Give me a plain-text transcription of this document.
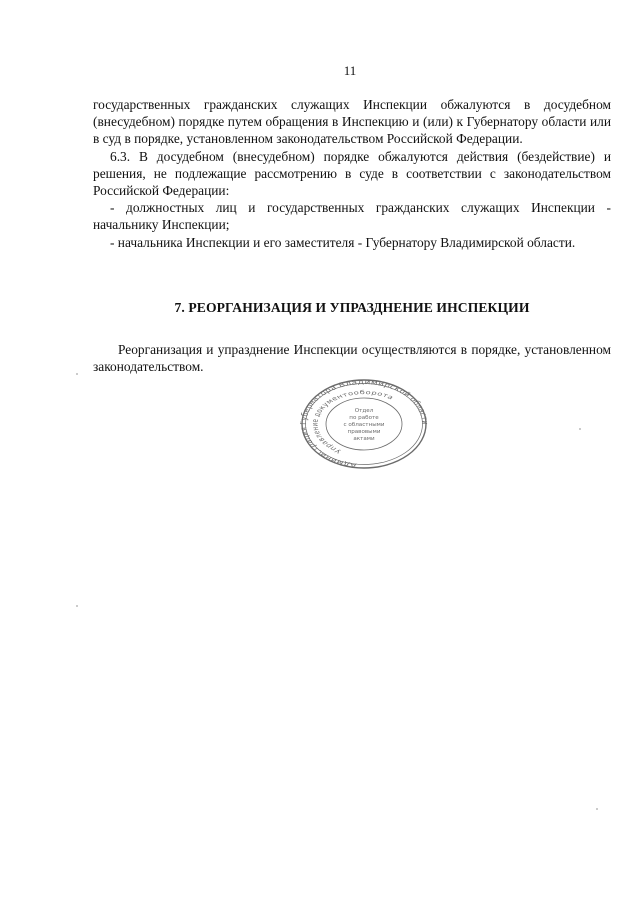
11

государственных гражданских служащих Инспекции обжалуются в досудебном (внесудебном) порядке путем обращения в Инспекцию и (или) к Губернатору области или в суд в порядке, установленном законодательством Российской Федерации.

6.3. В досудебном (внесудебном) порядке обжалуются действия (бездействие) и решения, не подлежащие рассмотрению в суде в соответствии с законодательством Российской Федерации:

- должностных лиц и государственных гражданских служащих Инспекции - начальнику Инспекции;

- начальника Инспекции и его заместителя - Губернатору Владимирской области.

7. РЕОРГАНИЗАЦИЯ И УПРАЗДНЕНИЕ ИНСПЕКЦИИ

Реорганизация и упразднение Инспекции осуществляются в порядке, установленном законодательством.

Администраци бернатора Владимирской облас
Управление документооборота
Отдел
по работе
с областными
правовыми
актами
